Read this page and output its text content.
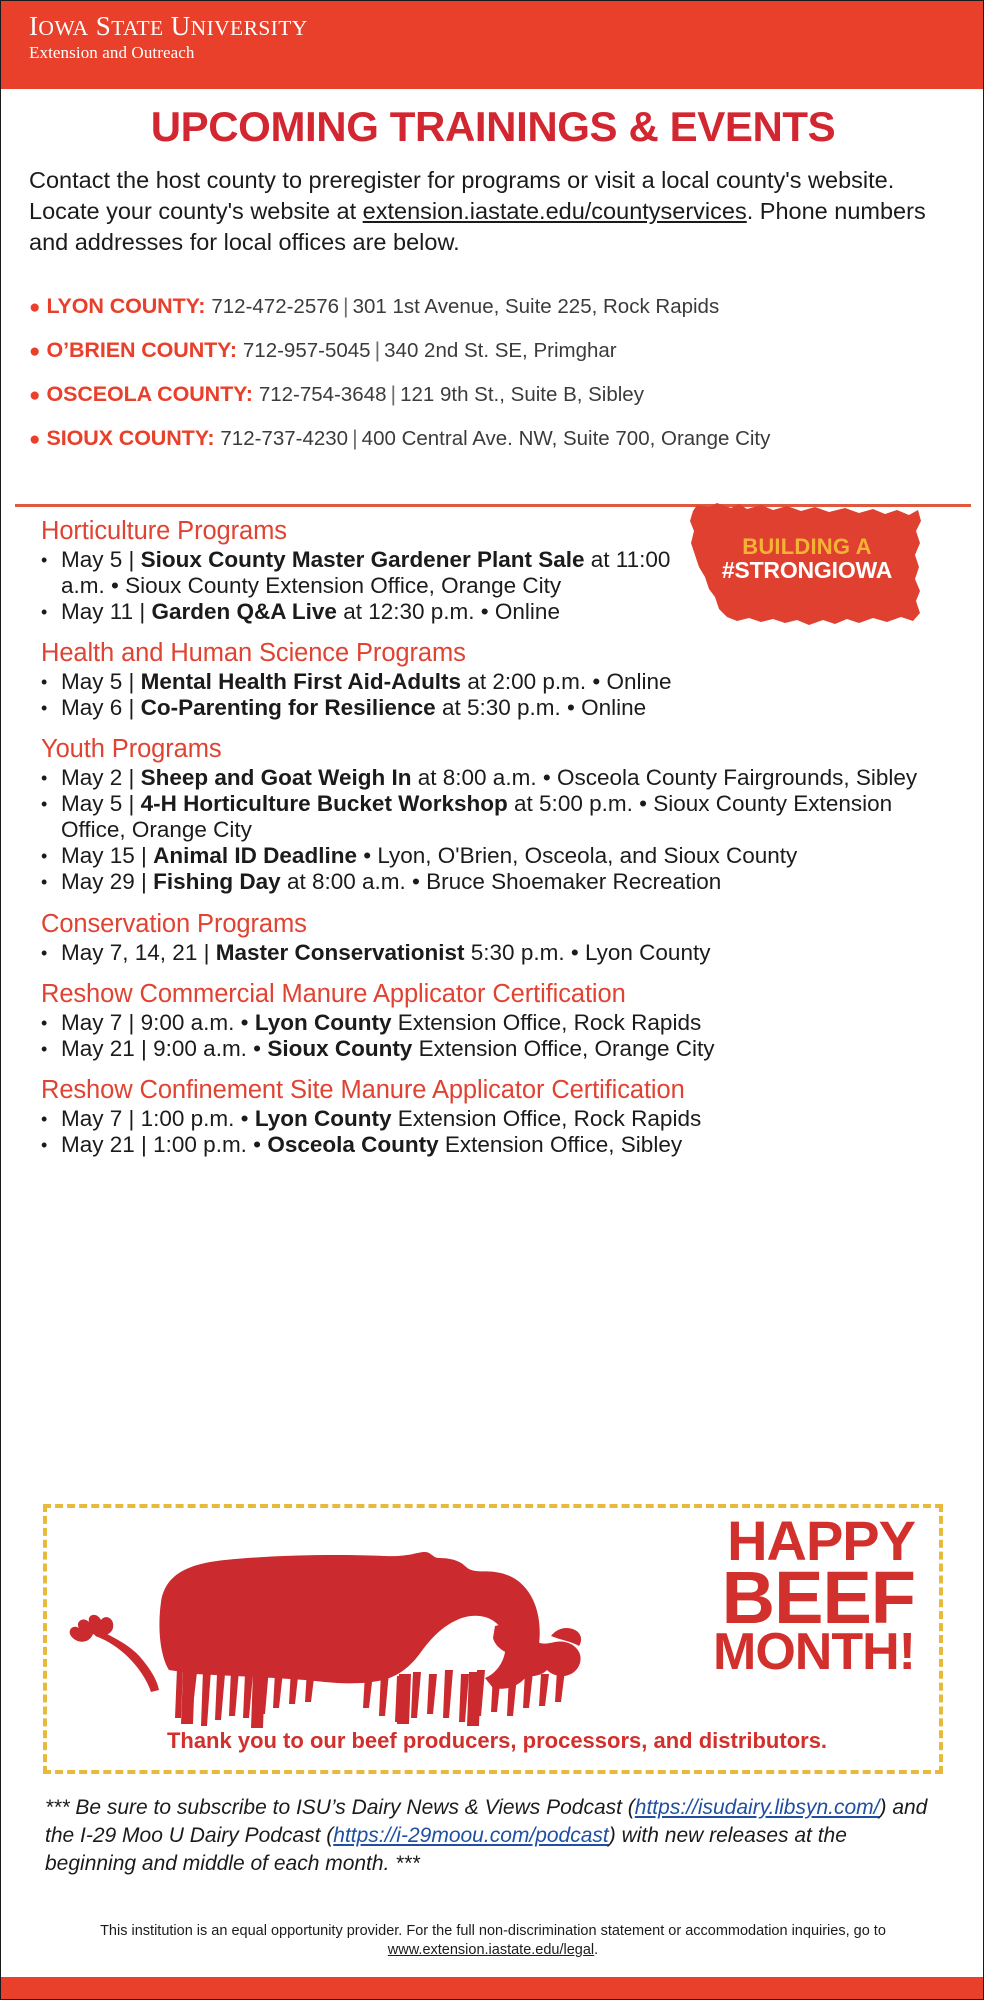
IOWA STATE UNIVERSITY
Extension and Outreach
UPCOMING TRAININGS & EVENTS
Contact the host county to preregister for programs or visit a local county's website. Locate your county's website at extension.iastate.edu/countyservices. Phone numbers and addresses for local offices are below.
● LYON COUNTY: 712-472-2576 | 301 1st Avenue, Suite 225, Rock Rapids
● O’BRIEN COUNTY: 712-957-5045 | 340 2nd St. SE, Primghar
● OSCEOLA COUNTY: 712-754-3648 | 121 9th St., Suite B, Sibley
● SIOUX COUNTY: 712-737-4230 | 400 Central Ave. NW, Suite 700, Orange City
BUILDING A
#STRONGIOWA
Horticulture Programs
• May 5 | Sioux County Master Gardener Plant Sale at 11:00 a.m. • Sioux County Extension Office, Orange City
• May 11 | Garden Q&A Live at 12:30 p.m. • Online
Health and Human Science Programs
• May 5 | Mental Health First Aid-Adults at 2:00 p.m. • Online
• May 6 | Co-Parenting for Resilience at 5:30 p.m. • Online
Youth Programs
• May 2 | Sheep and Goat Weigh In at 8:00 a.m. • Osceola County Fairgrounds, Sibley
• May 5 | 4-H Horticulture Bucket Workshop at 5:00 p.m. • Sioux County Extension Office, Orange City
• May 15 | Animal ID Deadline • Lyon, O'Brien, Osceola, and Sioux County
• May 29 | Fishing Day at 8:00 a.m. • Bruce Shoemaker Recreation
Conservation Programs
• May 7, 14, 21 | Master Conservationist 5:30 p.m. • Lyon County
Reshow Commercial Manure Applicator Certification
• May 7 | 9:00 a.m. • Lyon County Extension Office, Rock Rapids
• May 21 | 9:00 a.m. • Sioux County Extension Office, Orange City
Reshow Confinement Site Manure Applicator Certification
• May 7 | 1:00 p.m. • Lyon County Extension Office, Rock Rapids
• May 21 | 1:00 p.m. • Osceola County Extension Office, Sibley
HAPPY
BEEF
MONTH!
Thank you to our beef producers, processors, and distributors.
*** Be sure to subscribe to ISU’s Dairy News & Views Podcast (https://isudairy.libsyn.com/) and the I-29 Moo U Dairy Podcast (https://i-29moou.com/podcast) with new releases at the beginning and middle of each month. ***
This institution is an equal opportunity provider. For the full non-discrimination statement or accommodation inquiries, go to www.extension.iastate.edu/legal.
